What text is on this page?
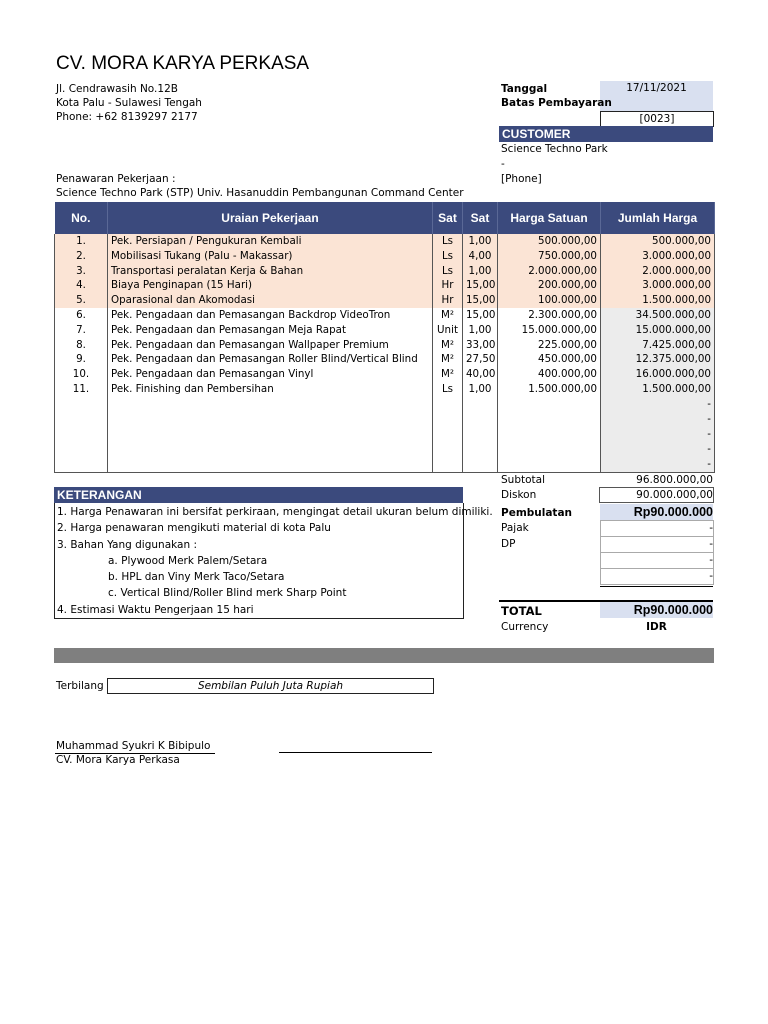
CV. MORA KARYA PERKASA
Jl. Cendrawasih No.12B
Kota Palu - Sulawesi Tengah
Phone: +62 8139297 2177
Tanggal	17/11/2021
Batas Pembayaran
[0023]
CUSTOMER
Science Techno Park
-
[Phone]
Penawaran Pekerjaan :
Science Techno Park (STP) Univ. Hasanuddin Pembangunan Command Center
No.	Uraian Pekerjaan	Sat	Sat	Harga Satuan	Jumlah Harga
1.	Pek. Persiapan / Pengukuran Kembali	Ls	1,00	500.000,00	500.000,00
2.	Mobilisasi Tukang (Palu - Makassar)	Ls	4,00	750.000,00	3.000.000,00
3.	Transportasi peralatan Kerja & Bahan	Ls	1,00	2.000.000,00	2.000.000,00
4.	Biaya Penginapan (15 Hari)	Hr	15,00	200.000,00	3.000.000,00
5.	Oparasional dan Akomodasi	Hr	15,00	100.000,00	1.500.000,00
6.	Pek. Pengadaan dan Pemasangan Backdrop VideoTron	M²	15,00	2.300.000,00	34.500.000,00
7.	Pek. Pengadaan dan Pemasangan Meja Rapat	Unit	1,00	15.000.000,00	15.000.000,00
8.	Pek. Pengadaan dan Pemasangan Wallpaper Premium	M²	33,00	225.000,00	7.425.000,00
9.	Pek. Pengadaan dan Pemasangan Roller Blind/Vertical Blind	M²	27,50	450.000,00	12.375.000,00
10.	Pek. Pengadaan dan Pemasangan Vinyl	M²	40,00	400.000,00	16.000.000,00
11.	Pek. Finishing dan Pembersihan	Ls	1,00	1.500.000,00	1.500.000,00
					-
					-
					-
					-
					-
Subtotal	96.800.000,00
Diskon	90.000.000,00
Pembulatan	Rp90.000.000
Pajak	-
DP	-
-
-
TOTAL	Rp90.000.000
Currency	IDR
KETERANGAN
1. Harga Penawaran ini bersifat perkiraan, mengingat detail ukuran belum dimiliki.
2. Harga penawaran mengikuti material di kota Palu
3. Bahan Yang digunakan :
a. Plywood Merk Palem/Setara
b. HPL dan Viny Merk Taco/Setara
c. Vertical Blind/Roller Blind merk Sharp Point
4. Estimasi Waktu Pengerjaan 15 hari
Terbilang	Sembilan Puluh Juta Rupiah
Muhammad Syukri K Bibipulo
CV. Mora Karya Perkasa
